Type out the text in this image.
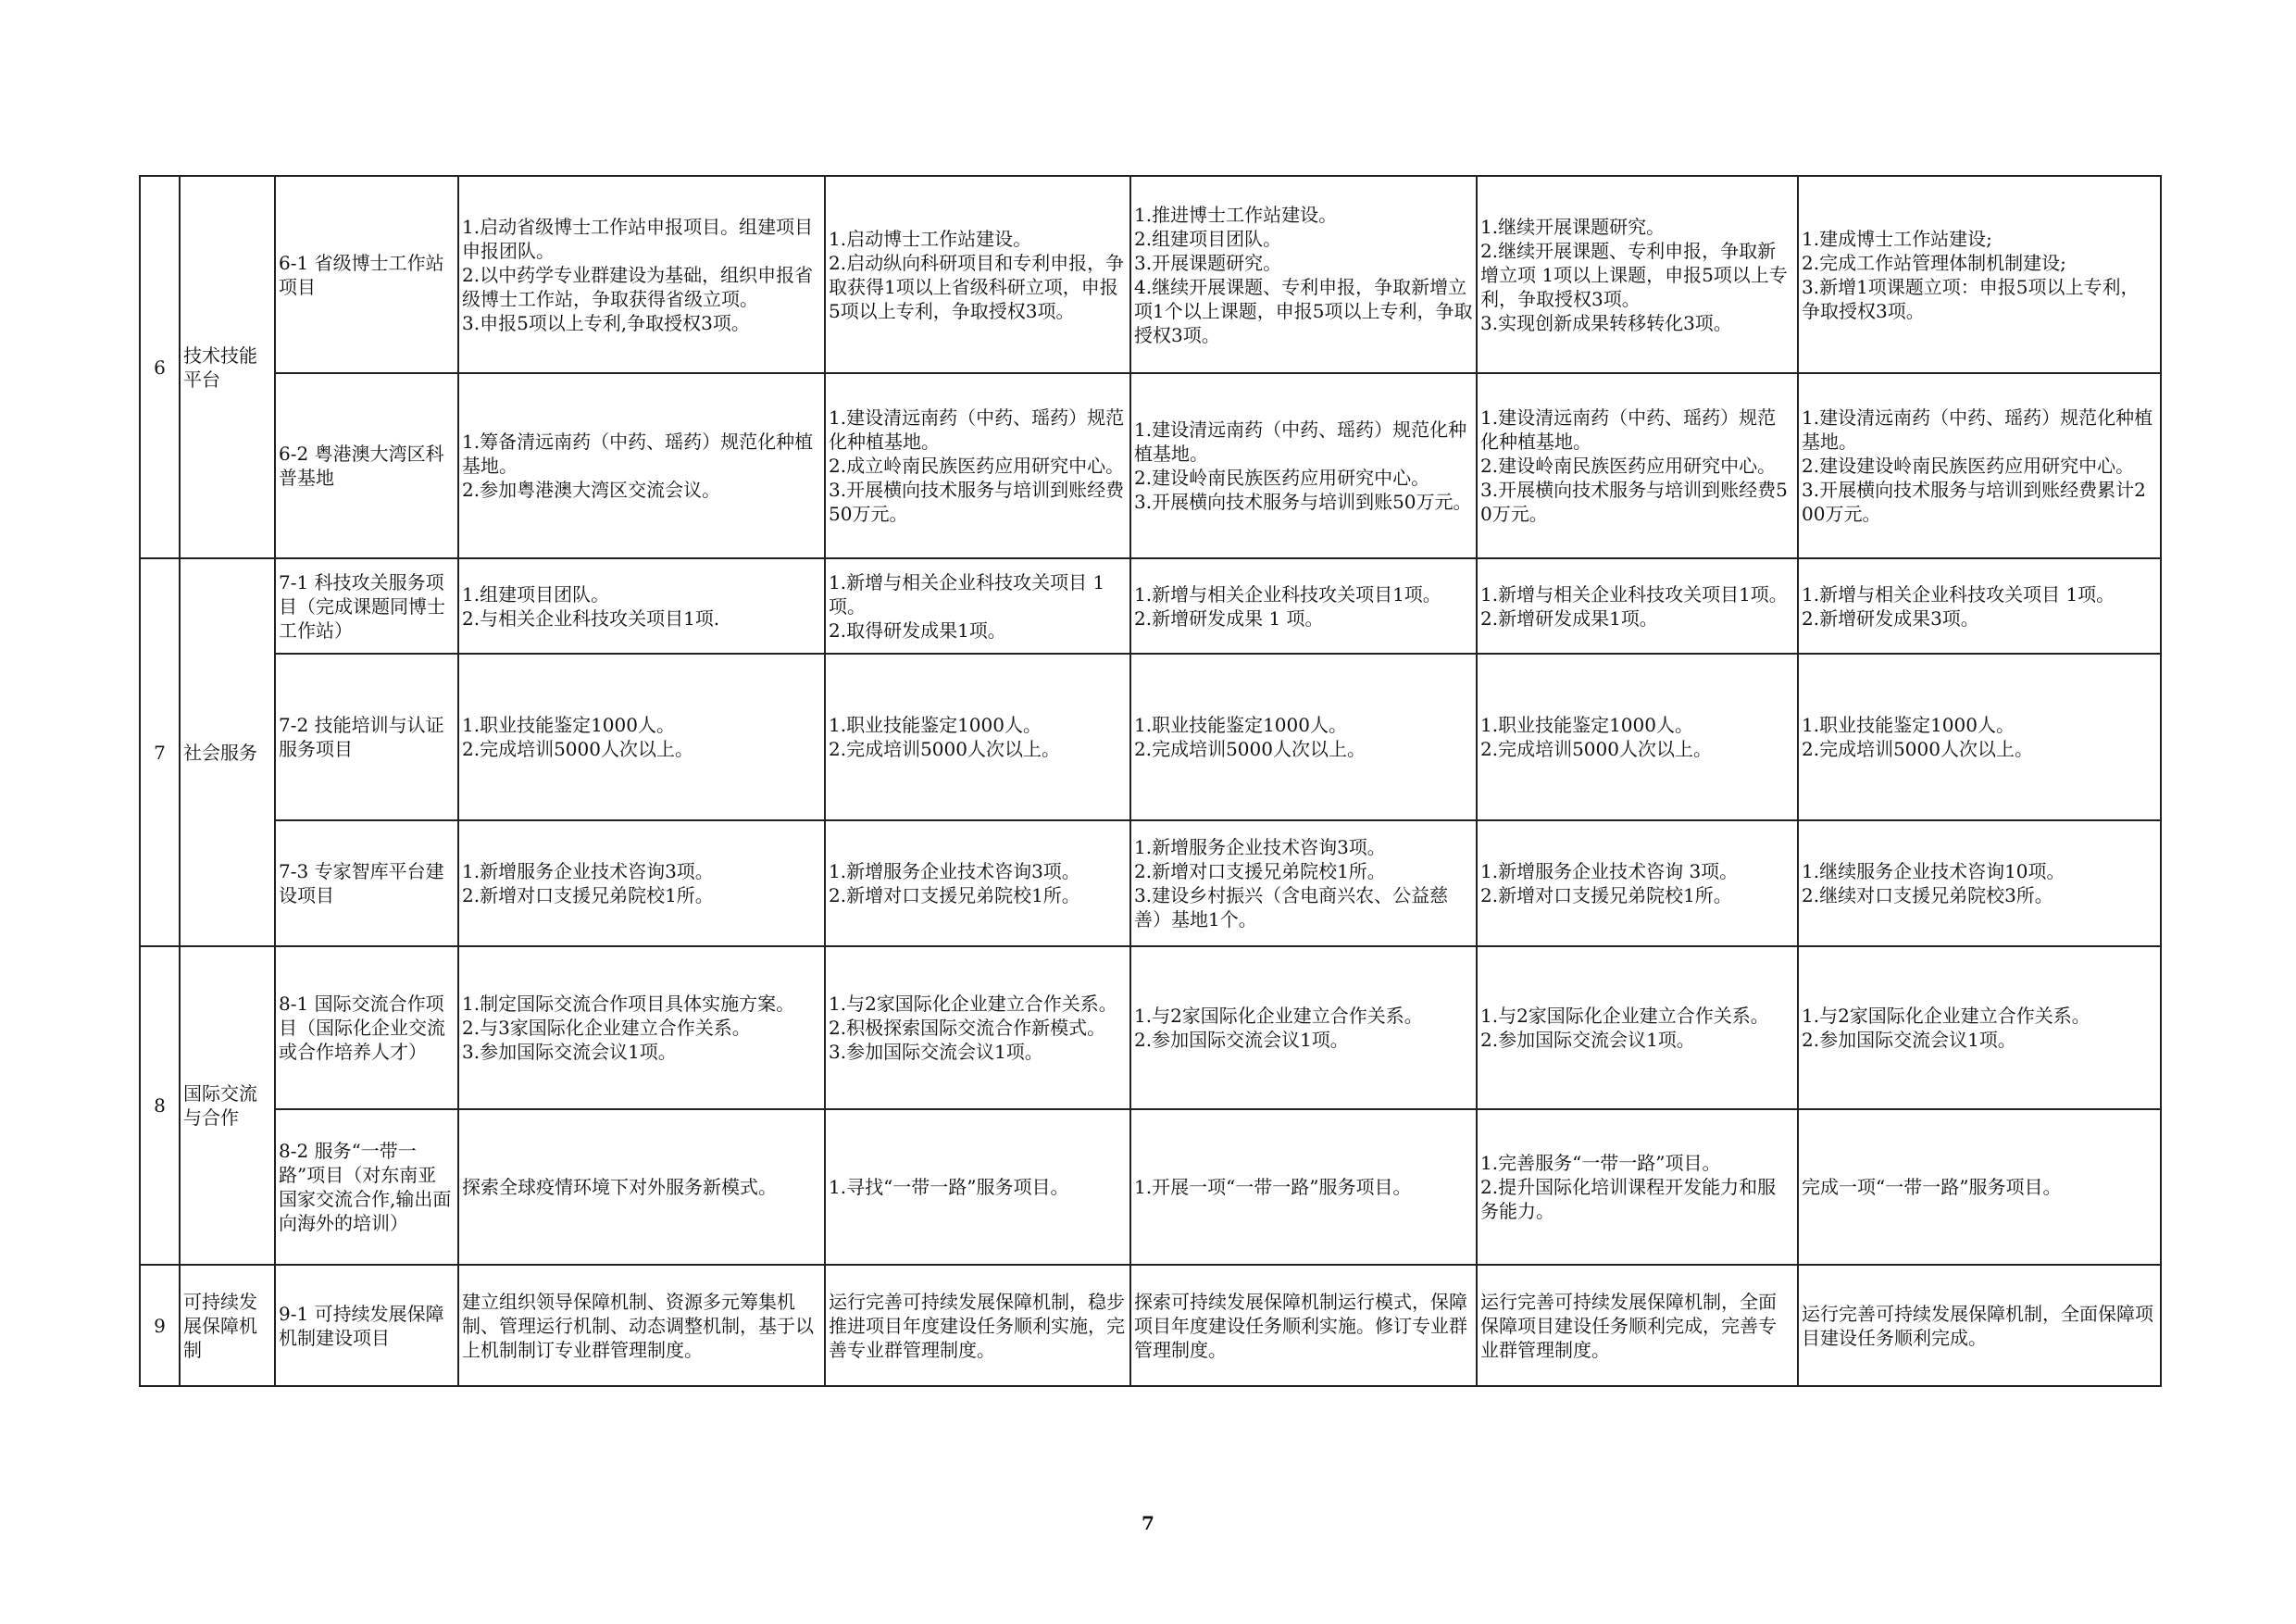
6	技术技能平台	6-1 省级博士工作站项目	1.启动省级博士工作站申报项目。组建项目申报团队。
2.以中药学专业群建设为基础，组织申报省级博士工作站，争取获得省级立项。
3.申报5项以上专利,争取授权3项。	1.启动博士工作站建设。
2.启动纵向科研项目和专利申报，争取获得1项以上省级科研立项，申报5项以上专利，争取授权3项。	1.推进博士工作站建设。
2.组建项目团队。
3.开展课题研究。
4.继续开展课题、专利申报，争取新增立项1个以上课题，申报5项以上专利，争取授权3项。	1.继续开展课题研究。
2.继续开展课题、专利申报，争取新增立项 1项以上课题，申报5项以上专利，争取授权3项。
3.实现创新成果转移转化3项。	1.建成博士工作站建设;
2.完成工作站管理体制机制建设;
3.新增1项课题立项：申报5项以上专利，争取授权3项。
		6-2 粤港澳大湾区科普基地	1.筹备清远南药（中药、瑶药）规范化种植基地。
2.参加粤港澳大湾区交流会议。	1.建设清远南药（中药、瑶药）规范化种植基地。
2.成立岭南民族医药应用研究中心。
3.开展横向技术服务与培训到账经费50万元。	1.建设清远南药（中药、瑶药）规范化种植基地。
2.建设岭南民族医药应用研究中心。
3.开展横向技术服务与培训到账50万元。	1.建设清远南药（中药、瑶药）规范化种植基地。
2.建设岭南民族医药应用研究中心。
3.开展横向技术服务与培训到账经费50万元。	1.建设清远南药（中药、瑶药）规范化种植基地。
2.建设建设岭南民族医药应用研究中心。
3.开展横向技术服务与培训到账经费累计200万元。
7	社会服务	7-1 科技攻关服务项目（完成课题同博士工作站）	1.组建项目团队。
2.与相关企业科技攻关项目1项.	1.新增与相关企业科技攻关项目 1项。
2.取得研发成果1项。	1.新增与相关企业科技攻关项目1项。
2.新增研发成果 1 项。	1.新增与相关企业科技攻关项目1项。
2.新增研发成果1项。	1.新增与相关企业科技攻关项目 1项。
2.新增研发成果3项。
		7-2 技能培训与认证服务项目	1.职业技能鉴定1000人。
2.完成培训5000人次以上。	1.职业技能鉴定1000人。
2.完成培训5000人次以上。	1.职业技能鉴定1000人。
2.完成培训5000人次以上。	1.职业技能鉴定1000人。
2.完成培训5000人次以上。	1.职业技能鉴定1000人。
2.完成培训5000人次以上。
		7-3 专家智库平台建设项目	1.新增服务企业技术咨询3项。
2.新增对口支援兄弟院校1所。	1.新增服务企业技术咨询3项。
2.新增对口支援兄弟院校1所。	1.新增服务企业技术咨询3项。
2.新增对口支援兄弟院校1所。
3.建设乡村振兴（含电商兴农、公益慈善）基地1个。	1.新增服务企业技术咨询 3项。
2.新增对口支援兄弟院校1所。	1.继续服务企业技术咨询10项。
2.继续对口支援兄弟院校3所。
8	国际交流与合作	8-1 国际交流合作项目（国际化企业交流或合作培养人才）	1.制定国际交流合作项目具体实施方案。
2.与3家国际化企业建立合作关系。
3.参加国际交流会议1项。	1.与2家国际化企业建立合作关系。
2.积极探索国际交流合作新模式。
3.参加国际交流会议1项。	1.与2家国际化企业建立合作关系。
2.参加国际交流会议1项。	1.与2家国际化企业建立合作关系。
2.参加国际交流会议1项。	1.与2家国际化企业建立合作关系。
2.参加国际交流会议1项。
		8-2 服务“一带一路”项目（对东南亚国家交流合作,输出面向海外的培训）	探索全球疫情环境下对外服务新模式。	1.寻找“一带一路”服务项目。	1.开展一项“一带一路”服务项目。	1.完善服务“一带一路”项目。
2.提升国际化培训课程开发能力和服务能力。	完成一项“一带一路”服务项目。
9	可持续发展保障机制	9-1 可持续发展保障机制建设项目	建立组织领导保障机制、资源多元筹集机制、管理运行机制、动态调整机制，基于以上机制制订专业群管理制度。	运行完善可持续发展保障机制，稳步推进项目年度建设任务顺利实施，完善专业群管理制度。	探索可持续发展保障机制运行模式，保障项目年度建设任务顺利实施。修订专业群管理制度。	运行完善可持续发展保障机制，全面保障项目建设任务顺利完成，完善专业群管理制度。	运行完善可持续发展保障机制，全面保障项目建设任务顺利完成。
7
